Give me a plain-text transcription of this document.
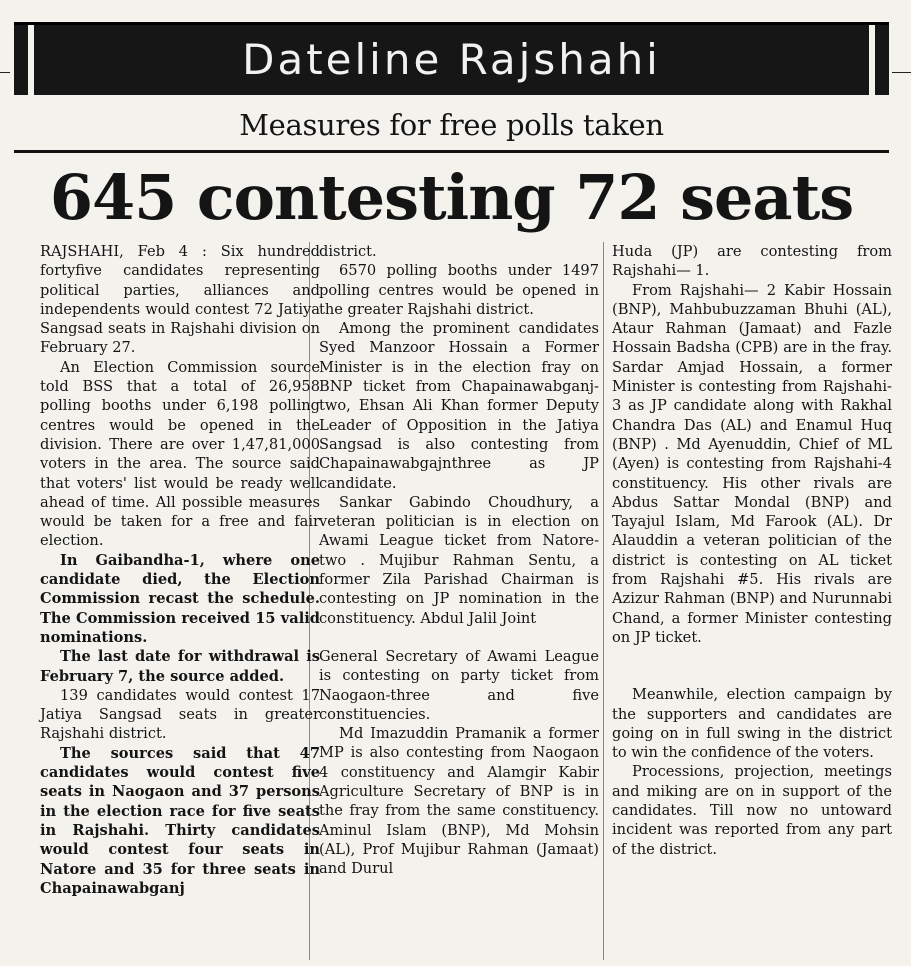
Dateline Rajshahi
Measures for free polls taken
645 contesting 72 seats

RAJSHAHI, Feb 4 : Six hundred fortyfive candidates representing political parties, alliances and independents would contest 72 Jatiya Sangsad seats in Rajshahi division on February 27.

An Election Commission source told BSS that a total of 26,958 polling booths under 6,198 polling centres would be opened in the division. There are over 1,47,81,000 voters in the area. The source said that voters' list would be ready well ahead of time. All possible measures would be taken for a free and fair election.

In Gaibandha-1, where one candidate died, the Election Commission recast the schedule. The Commission received 15 valid nominations.

The last date for withdrawal is February 7, the source added.

139 candidates would contest 17 Jatiya Sangsad seats in greater Rajshahi district.

The sources said that 47 candidates would contest five seats in Naogaon and 37 persons in the election race for five seats in Rajshahi. Thirty candidates would contest four seats in Natore and 35 for three seats in Chapainawabganj

district.

6570 polling booths under 1497 polling centres would be opened in the greater Rajshahi district.

Among the prominent candidates Syed Manzoor Hossain a Former Minister is in the election fray on BNP ticket from Chapainawabganj-two, Ehsan Ali Khan former Deputy Leader of Opposition in the Jatiya Sangsad is also contesting from Chapainawabgajnthree as JP candidate.

Sankar Gabindo Choudhury, a veteran politician is in election on Awami League ticket from Natore-two . Mujibur Rahman Sentu, a former Zila Parishad Chairman is contesting on JP nomination in the constituency. Abdul Jalil Joint

General Secretary of Awami League is contesting on party ticket from Naogaon-three and five constituencies.

Md Imazuddin Pramanik a former MP is also contesting from Naogaon 4 constituency and Alamgir Kabir Agriculture Secretary of BNP is in the fray from the same constituency. Aminul Islam (BNP), Md Mohsin (AL), Prof Mujibur Rahman (Jamaat) and Durul

Huda (JP) are contesting from Rajshahi— 1.

From Rajshahi— 2 Kabir Hossain (BNP), Mahbubuzzaman Bhuhi (AL), Ataur Rahman (Jamaat) and Fazle Hossain Badsha (CPB) are in the fray. Sardar Amjad Hossain, a former Minister is contesting from Rajshahi-3 as JP candidate along with Rakhal Chandra Das (AL) and Enamul Huq (BNP) . Md Ayenuddin, Chief of ML (Ayen) is contesting from Rajshahi-4 constituency. His other rivals are Abdus Sattar Mondal (BNP) and Tayajul Islam, Md Farook (AL). Dr Alauddin a veteran politician of the district is contesting on AL ticket from Rajshahi #5. His rivals are Azizur Rahman (BNP) and Nurunnabi Chand, a former Minister contesting on JP ticket.

Meanwhile, election campaign by the supporters and candidates are going on in full swing in the district to win the confidence of the voters.

Processions, projection, meetings and miking are on in support of the candidates. Till now no untoward incident was reported from any part of the district.
